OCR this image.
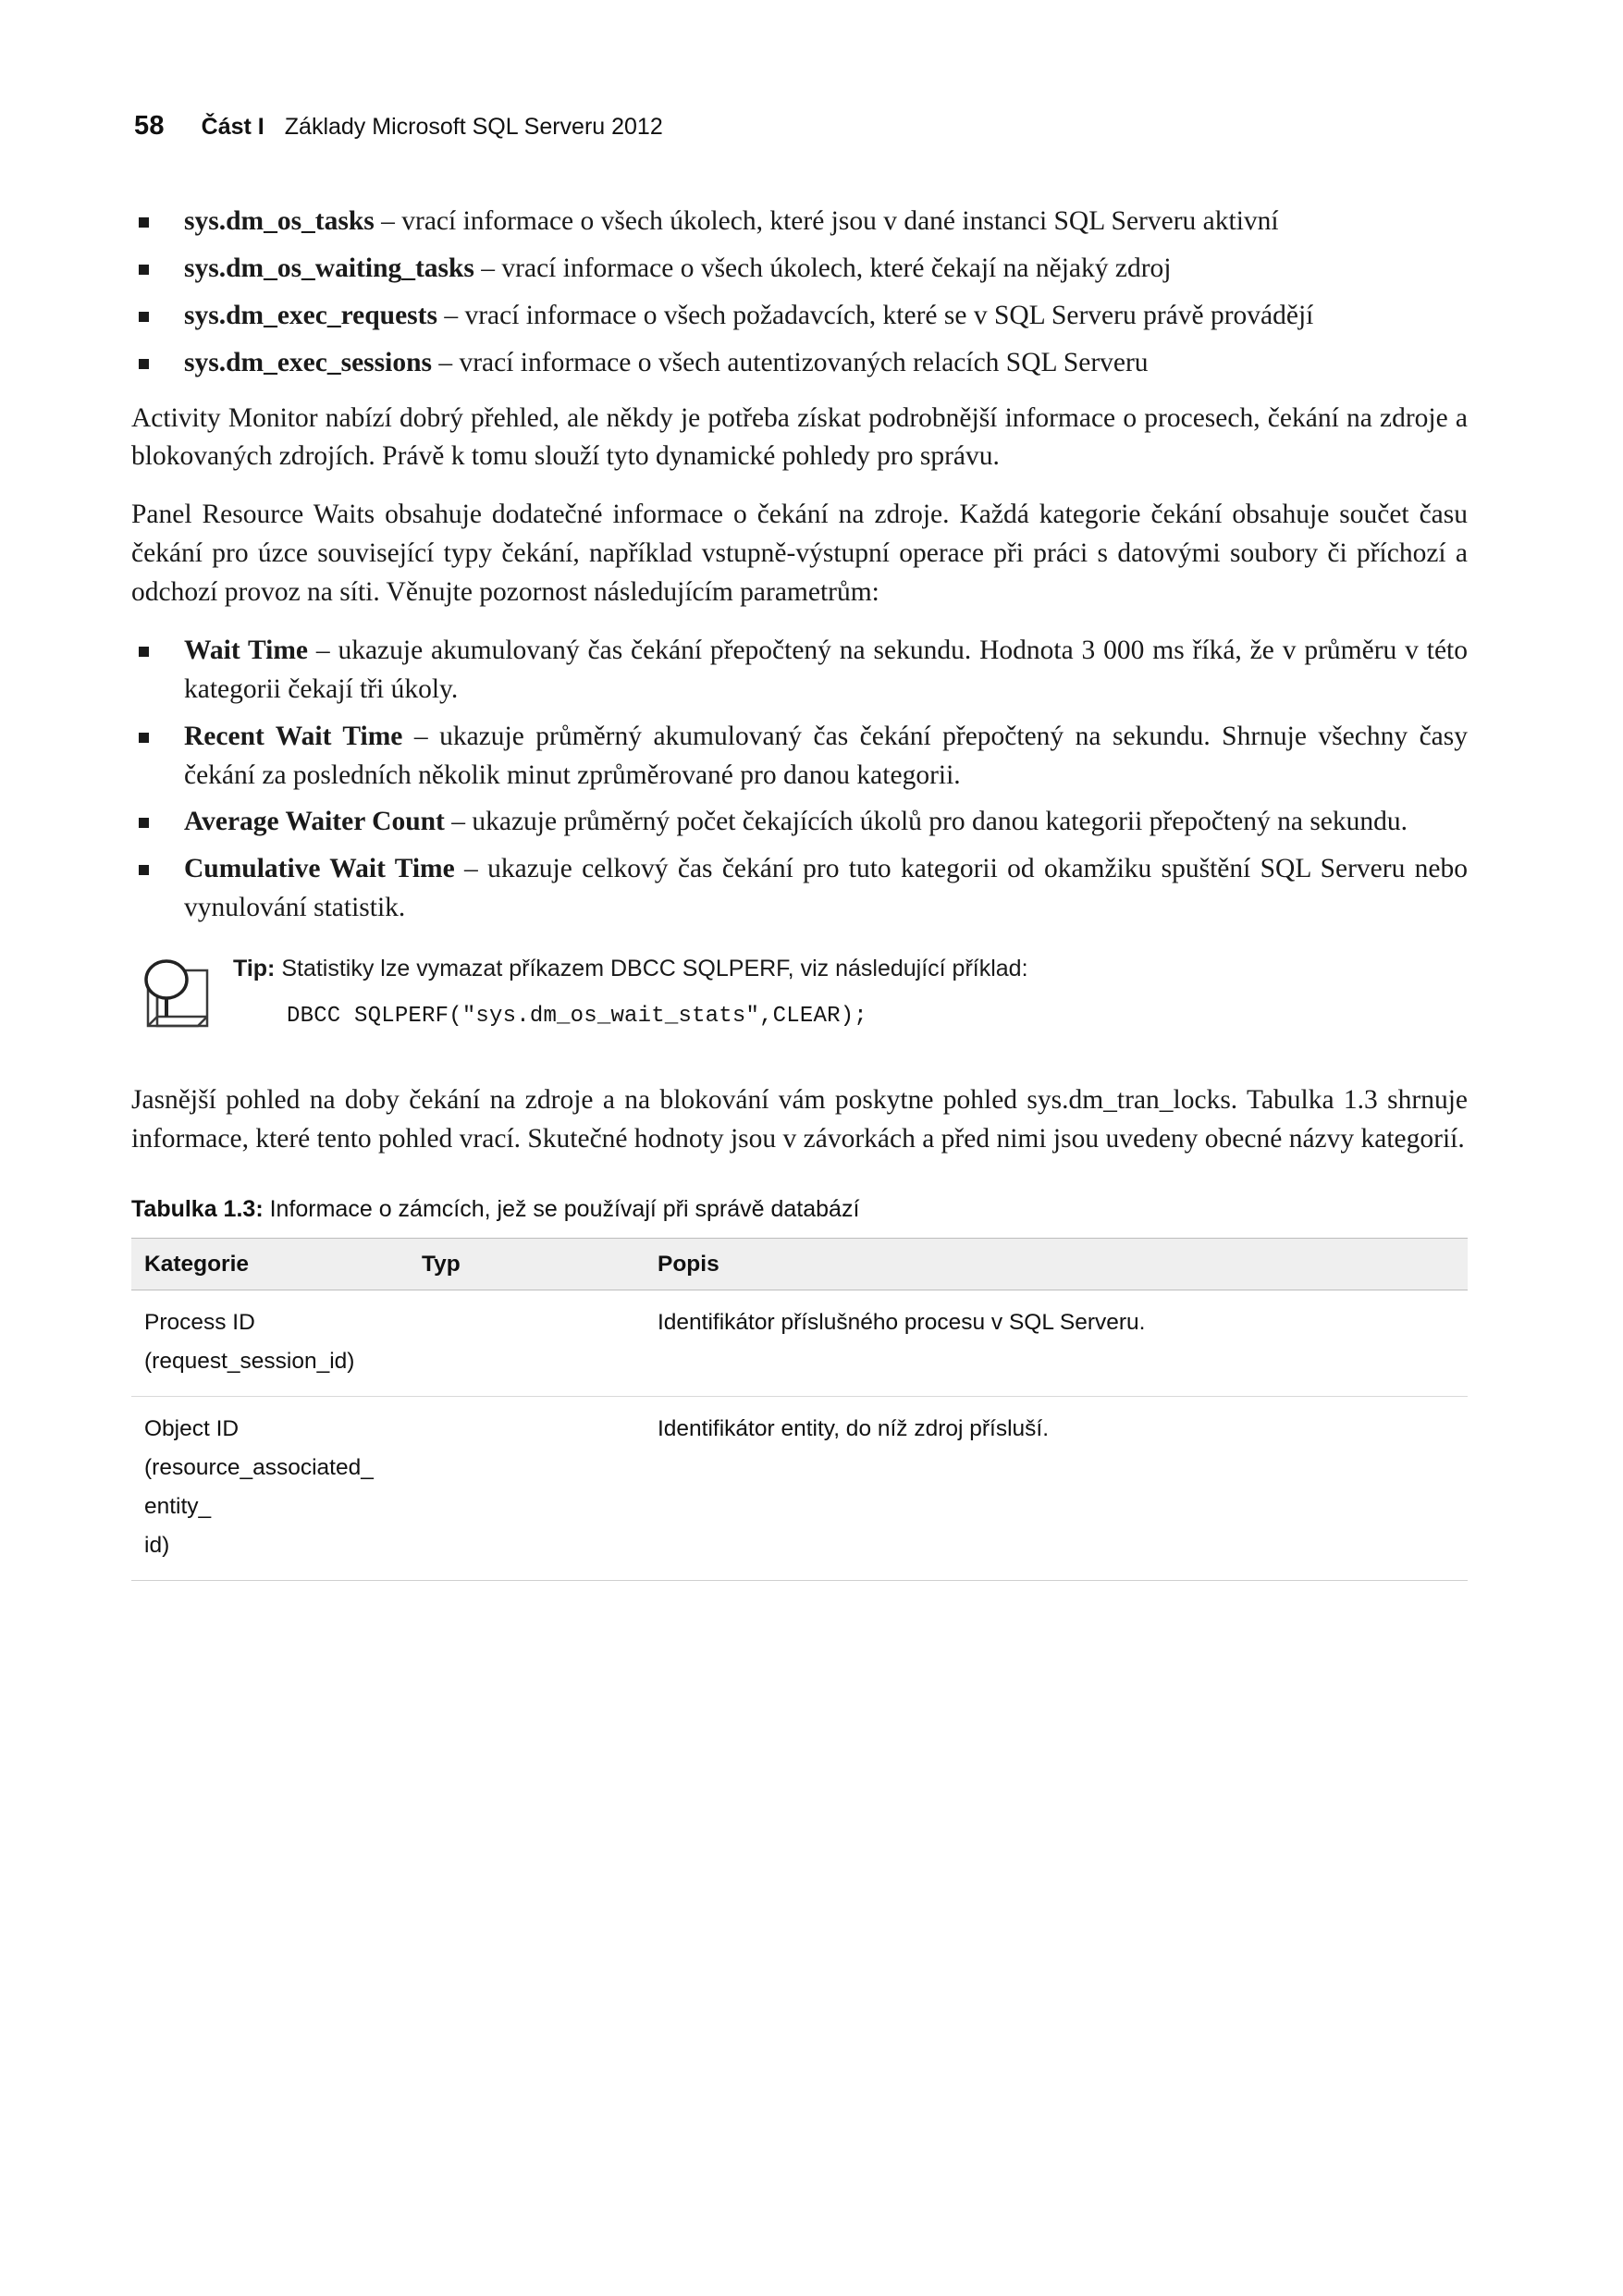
58 Část I Základy Microsoft SQL Serveru 2012
sys.dm_os_tasks – vrací informace o všech úkolech, které jsou v dané instanci SQL Serveru aktivní
sys.dm_os_waiting_tasks – vrací informace o všech úkolech, které čekají na nějaký zdroj
sys.dm_exec_requests – vrací informace o všech požadavcích, které se v SQL Serveru právě provádějí
sys.dm_exec_sessions – vrací informace o všech autentizovaných relacích SQL Serveru

Activity Monitor nabízí dobrý přehled, ale někdy je potřeba získat podrobnější informace o procesech, čekání na zdroje a blokovaných zdrojích. Právě k tomu slouží tyto dynamické pohledy pro správu.

Panel Resource Waits obsahuje dodatečné informace o čekání na zdroje. Každá kategorie čekání obsahuje součet času čekání pro úzce související typy čekání, například vstupně-výstupní operace při práci s datovými soubory či příchozí a odchozí provoz na síti. Věnujte pozornost následujícím parametrům:

Wait Time – ukazuje akumulovaný čas čekání přepočtený na sekundu. Hodnota 3 000 ms říká, že v průměru v této kategorii čekají tři úkoly.
Recent Wait Time – ukazuje průměrný akumulovaný čas čekání přepočtený na sekundu. Shrnuje všechny časy čekání za posledních několik minut zprůměrované pro danou kategorii.
Average Waiter Count – ukazuje průměrný počet čekajících úkolů pro danou kategorii přepočtený na sekundu.
Cumulative Wait Time – ukazuje celkový čas čekání pro tuto kategorii od okamžiku spuštění SQL Serveru nebo vynulování statistik.
Tip: Statistiky lze vymazat příkazem DBCC SQLPERF, viz následující příklad:
DBCC SQLPERF("sys.dm_os_wait_stats",CLEAR);

Jasnější pohled na doby čekání na zdroje a na blokování vám poskytne pohled sys.dm_tran_locks. Tabulka 1.3 shrnuje informace, které tento pohled vrací. Skutečné hodnoty jsou v závorkách a před nimi jsou uvedeny obecné názvy kategorií.

Tabulka 1.3: Informace o zámcích, jež se používají při správě databází
Kategorie	Typ	Popis

Process ID
(request_session_id)		Identifikátor příslušného procesu v SQL Serveru.

Object ID
(resource_associated_
entity_
id)		Identifikátor entity, do níž zdroj přísluší.
